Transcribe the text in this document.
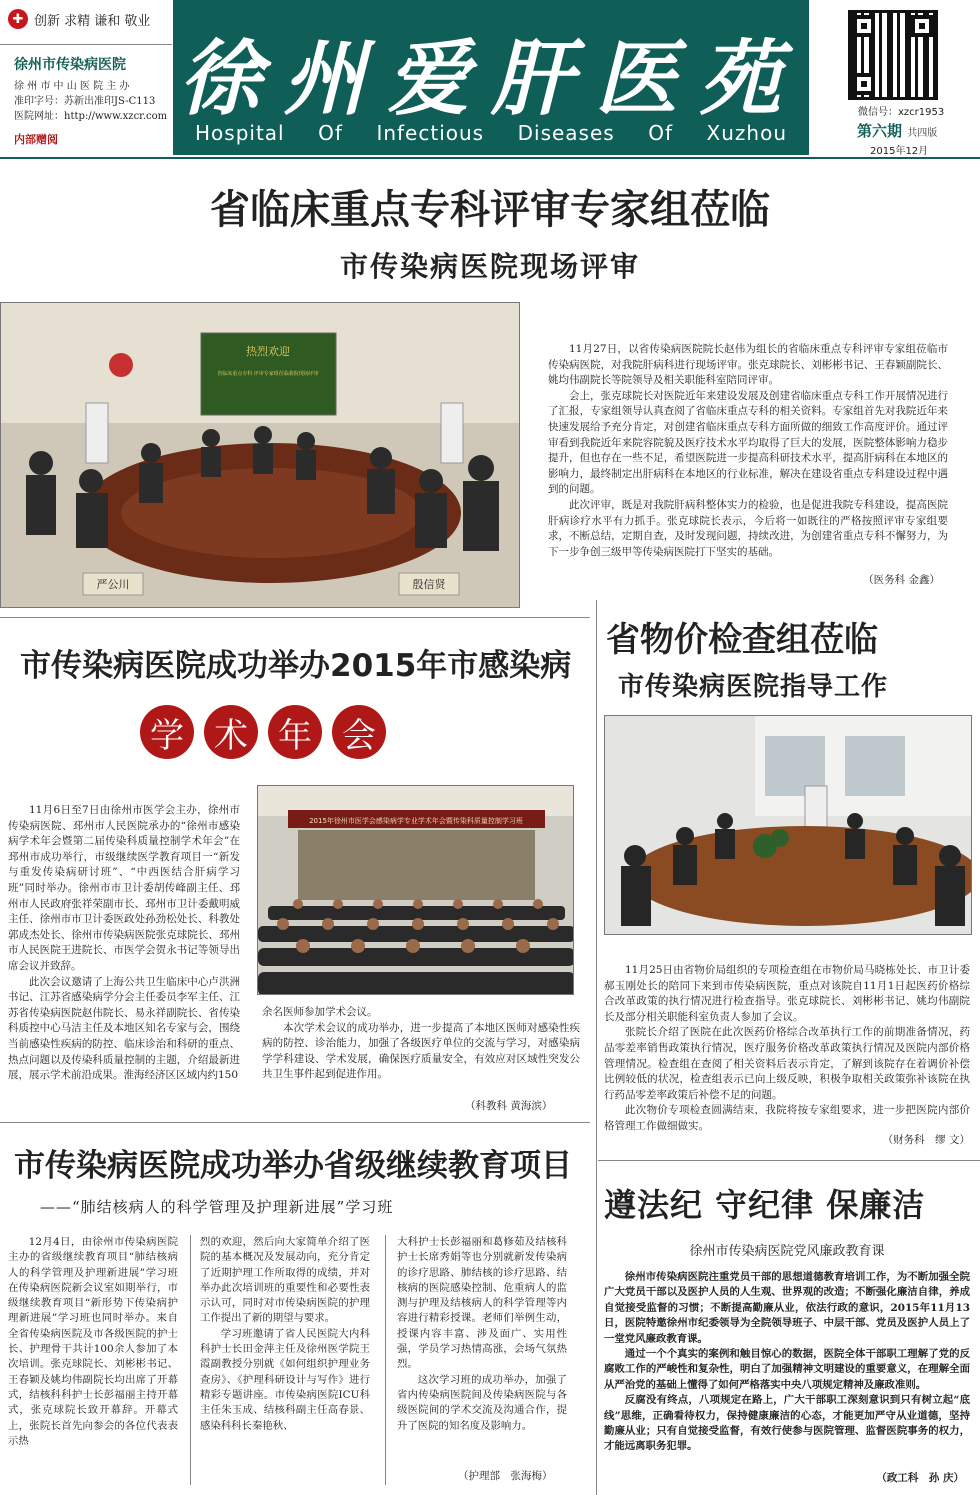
✚ 创新 求精 谦和 敬业
徐州市传染病医院
徐 州 市 中 山 医 院 主 办
准印字号：苏新出准印JS-C113
医院网址：http://www.xzcr.com
内部赠阅
徐州爱肝医苑
Hospital Of Infectious Diseases Of Xuzhou
微信号：xzcr1953
第六期 共四版
2015年12月
省临床重点专科评审专家组莅临
市传染病医院现场评审
热烈欢迎
省临床重点专科 评审专家组莅临我院现场评审
严公川	殷信贤

11月27日，以省传染病医院院长赵伟为组长的省临床重点专科评审专家组莅临市传染病医院，对我院肝病科进行现场评审。张克球院长、刘彬彬书记、王春颖副院长、姚均伟副院长等院领导及相关职能科室陪同评审。

会上，张克球院长对医院近年来建设发展及创建省临床重点专科工作开展情况进行了汇报，专家组领导认真查阅了省临床重点专科的相关资料。专家组首先对我院近年来快速发展给予充分肯定，对创建省临床重点专科方面所做的细致工作高度评价。通过评审看到我院近年来院容院貌及医疗技术水平均取得了巨大的发展，医院整体影响力稳步提升，但也存在一些不足，希望医院进一步提高科研技术水平，提高肝病科在本地区的影响力，最终制定出肝病科在本地区的行业标准，解决在建设省重点专科建设过程中遇到的问题。

此次评审，既是对我院肝病科整体实力的检验，也是促进我院专科建设，提高医院肝病诊疗水平有力抓手。张克球院长表示，今后将一如既往的严格按照评审专家组要求，不断总结，定期自查，及时发现问题，持续改进，为创建省重点专科不懈努力，为下一步争创三级甲等传染病医院打下坚实的基础。

（医务科 金鑫）
市传染病医院成功举办2015年市感染病
学 术 年 会
2015年徐州市医学会感染病学专业学术年会暨传染科质量控制学习班

11月6日至7日由徐州市医学会主办，徐州市传染病医院、邳州市人民医院承办的“徐州市感染病学术年会暨第二届传染科质量控制学术年会”在邳州市成功举行，市级继续医学教育项目一“新发与重发传染病研讨班”、“中西医结合肝病学习班”同时举办。徐州市市卫计委胡传峰副主任、邳州市人民政府张祥荣副市长、邳州市卫计委戴明威主任、徐州市市卫计委医政处孙劲松处长、科教处郭成杰处长、徐州市传染病医院张克球院长、邳州市人民医院王进院长、市医学会贺永书记等领导出席会议并致辞。

此次会议邀请了上海公共卫生临床中心卢洪洲书记、江苏省感染病学分会主任委员李军主任、江苏省传染病医院赵伟院长、易永祥副院长、省传染科质控中心马洁主任及本地区知名专家与会，围绕当前感染性疾病的防控、临床诊治和科研的重点、热点问题以及传染科质量控制的主题，介绍最新进展，展示学术前沿成果。淮海经济区区域内约150

余名医师参加学术会议。

本次学术会议的成功举办，进一步提高了本地区医师对感染性疾病的防控、诊治能力，加强了各级医疗单位的交流与学习，对感染病学学科建设、学术发展，确保医疗质量安全，有效应对区域性突发公共卫生事件起到促进作用。

（科教科 黄海滨）
省物价检查组莅临
市传染病医院指导工作

11月25日由省物价局组织的专项检查组在市物价局马晓栋处长、市卫计委郝玉刚处长的陪同下来到市传染病医院，重点对该院自11月1日起医药价格综合改革政策的执行情况进行检查指导。张克球院长、刘彬彬书记、姚均伟副院长及部分相关职能科室负责人参加了会议。

张院长介绍了医院在此次医药价格综合改革执行工作的前期准备情况，药品零差率销售政策执行情况，医疗服务价格改革政策执行情况及医院内部价格管理情况。检查组在查阅了相关资料后表示肯定，了解到该院存在着调价补偿比例较低的状况，检查组表示已向上级反映，积极争取相关政策弥补该院在执行药品零差率政策后补偿不足的问题。

此次物价专项检查圆满结束，我院将按专家组要求，进一步把医院内部价格管理工作做细做实。

（财务科　缪 文）
市传染病医院成功举办省级继续教育项目
——“肺结核病人的科学管理及护理新进展”学习班

12月4日，由徐州市传染病医院主办的省级继续教育项目“肺结核病人的科学管理及护理新进展”学习班在传染病医院新会议室如期举行，市级继续教育项目“新形势下传染病护理新进展”学习班也同时举办。来自全省传染病医院及市各级医院的护士长、护理骨干共计100余人参加了本次培训。张克球院长、刘彬彬书记、王春颖及姚均伟副院长均出席了开幕式，结核科科护士长彭福丽主持开幕式，张克球院长致开幕辞。开幕式上，张院长首先向参会的各位代表表示热

烈的欢迎，然后向大家简单介绍了医院的基本概况及发展动向，充分肯定了近期护理工作所取得的成绩，并对举办此次培训班的重要性和必要性表示认可，同时对市传染病医院的护理工作提出了新的期望与要求。

学习班邀请了省人民医院大内科科护士长田金萍主任及徐州医学院王霞副教授分别就《如何组织护理业务查房》、《护理科研设计与写作》进行精彩专题讲座。市传染病医院ICU科主任朱玉成、结核科副主任高春景、感染科科长秦艳秋、

大科护士长彭福丽和葛修茹及结核科护士长席秀娟等也分别就新发传染病的诊疗思路、肺结核的诊疗思路、结核病的医院感染控制、危重病人的监测与护理及结核病人的科学管理等内容进行精彩授课。老师们举例生动，授课内容丰富、涉及面广、实用性强，学员学习热情高涨，会场气氛热烈。

这次学习班的成功举办，加强了省内传染病医院间及传染病医院与各级医院间的学术交流及沟通合作，提升了医院的知名度及影响力。

（护理部　张海梅）
遵法纪 守纪律 保廉洁
徐州市传染病医院党风廉政教育课

徐州市传染病医院注重党员干部的思想道德教育培训工作，为不断加强全院广大党员干部以及医护人员的人生观、世界观的改造；不断强化廉洁自律，养成自觉接受监督的习惯；不断提高勤廉从业，依法行政的意识，2015年11月13日，医院特邀徐州市纪委领导为全院领导班子、中层干部、党员及医护人员上了一堂党风廉政教育课。

通过一个个真实的案例和触目惊心的数据，医院全体干部职工理解了党的反腐败工作的严峻性和复杂性，明白了加强精神文明建设的重要意义，在理解全面从严治党的基础上懂得了如何严格落实中央八项规定精神及廉政准则。

反腐没有终点，八项规定在路上，广大干部职工深刻意识到只有树立起“底线”思维，正确看待权力，保持健康廉洁的心态，才能更加严守从业道德，坚持勤廉从业；只有自觉接受监督，有效行使参与医院管理、监督医院事务的权力，才能远离职务犯罪。

（政工科　孙 庆）
